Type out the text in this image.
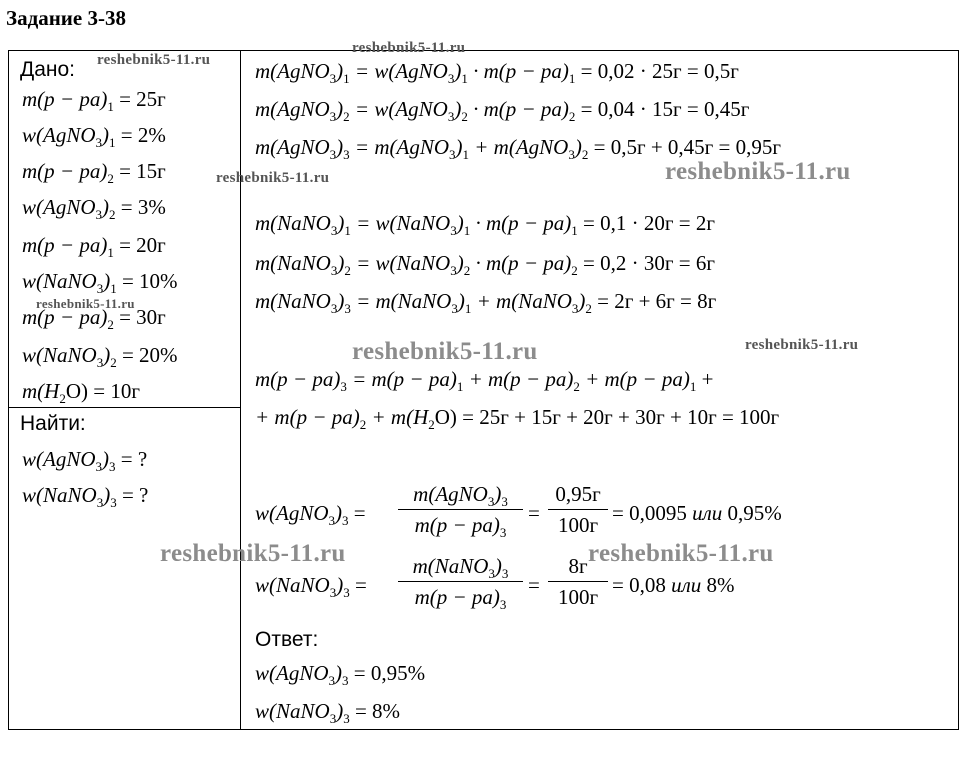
Задание 3-38
Дано:
$m(p - pa)_1 = 25г$
$w(AgNO_3)_1 = 2\%$
$m(p - pa)_2 = 15г$
$w(AgNO_3)_2 = 3\%$
$m(p - pa)_1 = 20г$
$w(NaNO_3)_1 = 10\%$
$m(p - pa)_2 = 30г$
$w(NaNO_3)_2 = 20\%$
$m(H_2O) = 10г$
Найти:
$w(AgNO_3)_3$ = ?
$w(NaNO_3)_3$ = ?
$m(AgNO_3)_1$ = $w(AgNO_3)_1 \cdot m(p - pa)_1 = 0,02 \cdot 25г = 0,5г$
$m(AgNO_3)_2$ = $w(AgNO_3)_2 \cdot m(p - pa)_2 = 0,04 \cdot 15г = 0,45г$
$m(AgNO_3)_3$ = $m(AgNO_3)_1$ + $m(AgNO_3)_2 = 0,5г + 0,45г = 0,95г$
$m(NaNO_3)_1$ = $w(NaNO_3)_1 \cdot m(p - pa)_1 = 0,1 \cdot 20г = 2г$
$m(NaNO_3)_2$ = $w(NaNO_3)_2 \cdot m(p - pa)_2 = 0,2 \cdot 30г = 6г$
$m(NaNO_3)_3$ = $m(NaNO_3)_1$ + $m(NaNO_3)_2 = 2г + 6г = 8г$
$m(p - pa)_3 = m(p - pa)_1 + m(p - pa)_2 + m(p - pa)_1$ +
+ $m(p - pa)_2 + m(H_2O) = 25г + 15г + 20г + 30г + 10г = 100г$
$w(AgNO_3)_3$ =
$m(AgNO_3)_3$
$m(p - pa)_3$
=
0,95г
100г = 0,0095 или 0,95%
$w(NaNO_3)_3$ =
$m(NaNO_3)_3$
$m(p - pa)_3$
=
8г
100г = 0,08 или 8%
Ответ:
$w(AgNO_3)_3 = 0,95\%$
$w(NaNO_3)_3 = 8\%$
reshebnik5-11.ru
reshebnik5-11.ru
reshebnik5-11.ru	reshebnik5-11.ru
reshebnik5-11.ru
reshebnik5-11.ru	reshebnik5-11.ru
reshebnik5-11.ru	reshebnik5-11.ru
